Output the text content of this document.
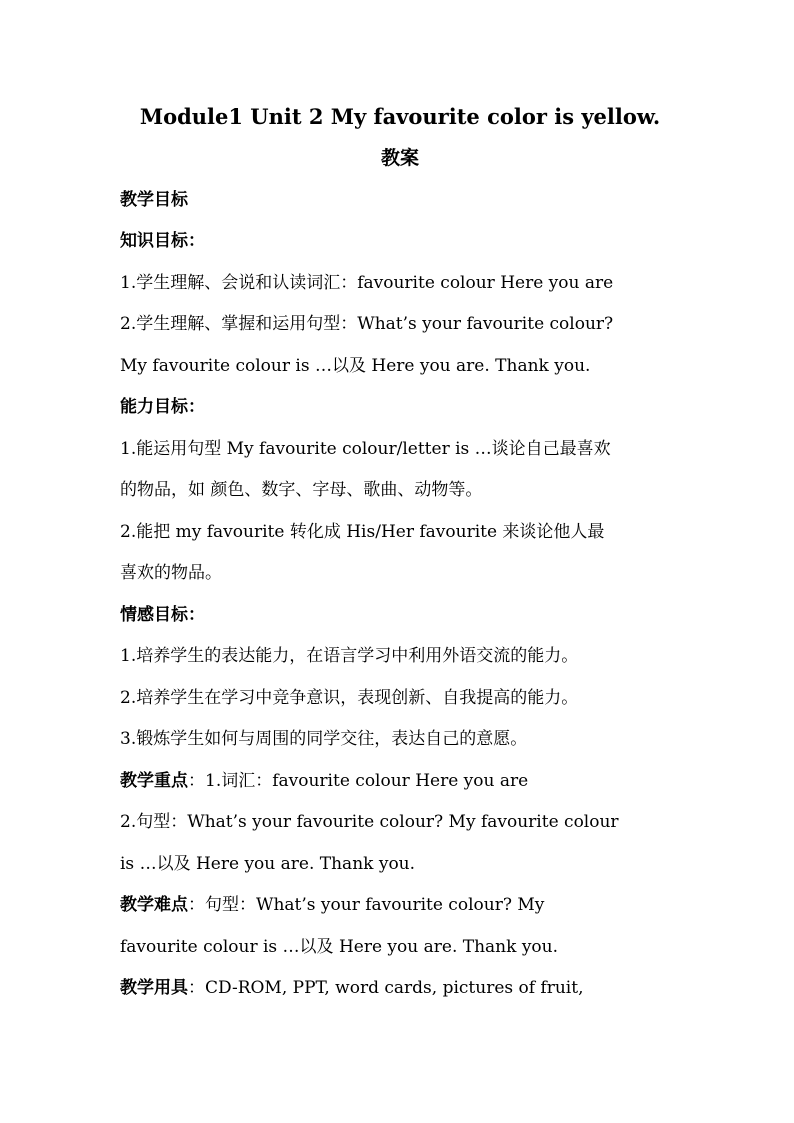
Module1 Unit 2 My favourite color is yellow.

教案

教学目标

知识目标：

1.学生理解、会说和认读词汇：favourite colour Here you are

2.学生理解、掌握和运用句型：What’s your favourite colour?

My favourite colour is …以及 Here you are. Thank you.

能力目标：

1.能运用句型 My favourite colour/letter is …谈论自己最喜欢

的物品，如 颜色、数字、字母、歌曲、动物等。

2.能把 my favourite 转化成 His/Her favourite 来谈论他人最

喜欢的物品。

情感目标：

1.培养学生的表达能力，在语言学习中利用外语交流的能力。

2.培养学生在学习中竞争意识，表现创新、自我提高的能力。

3.锻炼学生如何与周围的同学交往，表达自己的意愿。

教学重点：1.词汇：favourite colour Here you are

2.句型：What’s your favourite colour? My favourite colour

is …以及 Here you are. Thank you.

教学难点：句型：What’s your favourite colour? My

favourite colour is …以及 Here you are. Thank you.

教学用具：CD-ROM, PPT, word cards, pictures of fruit,
